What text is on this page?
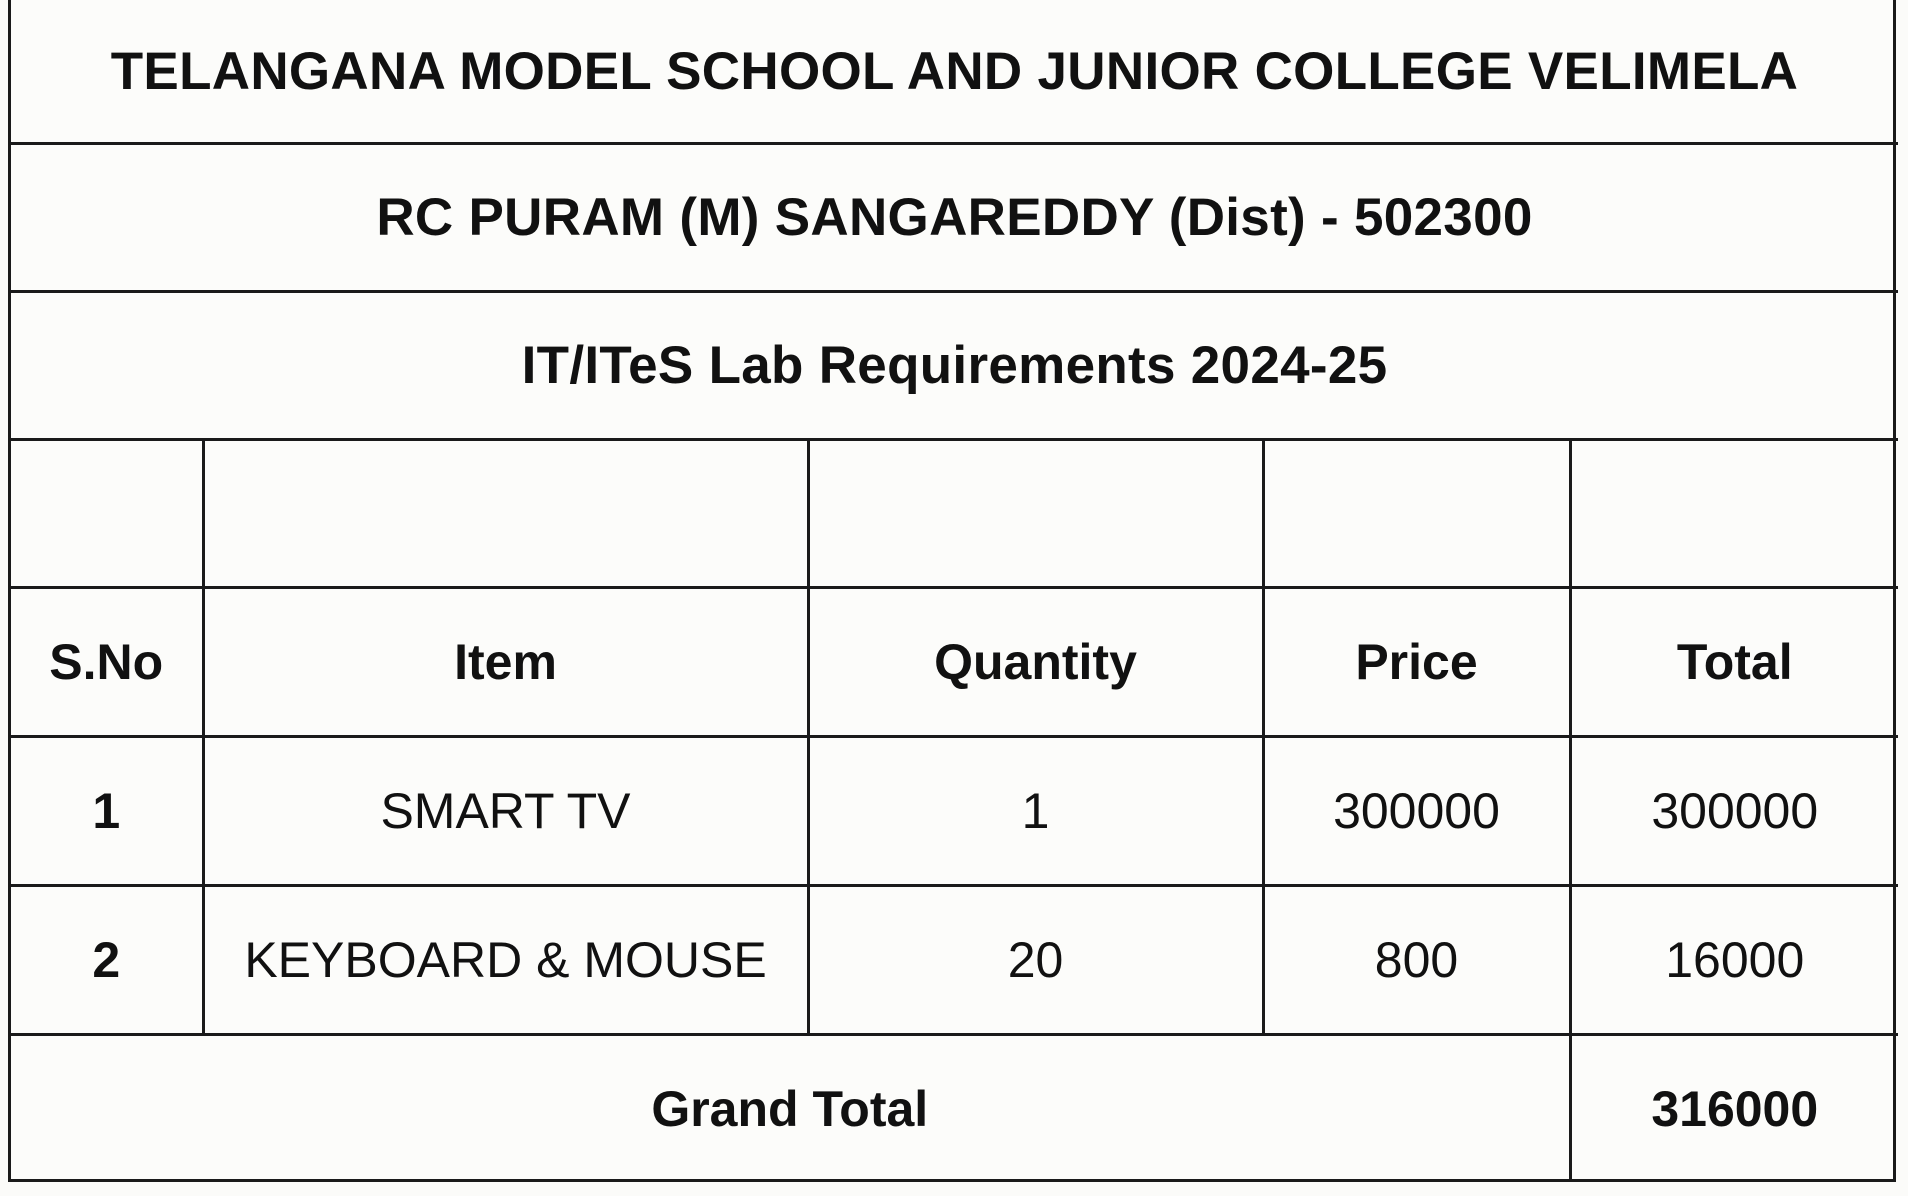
TELANGANA MODEL SCHOOL AND JUNIOR COLLEGE VELIMELA				
RC PURAM (M) SANGAREDDY (Dist) - 502300				
IT/ITeS Lab Requirements 2024-25				

S.No	Item	Quantity	Price	Total
1	SMART TV	1	300000	300000
2	KEYBOARD & MOUSE	20	800	16000
Grand Total				316000
